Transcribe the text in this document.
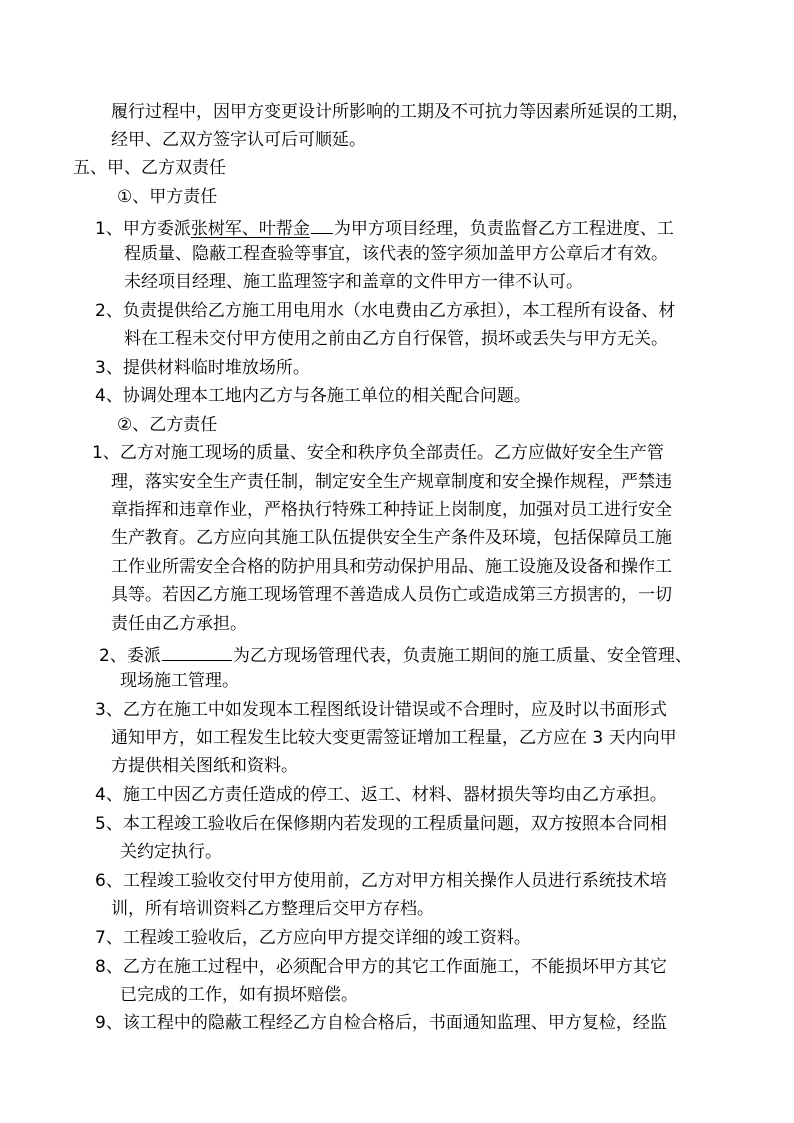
履行过程中，因甲方变更设计所影响的工期及不可抗力等因素所延误的工期，
经甲、乙双方签字认可后可顺延。
五、甲、乙方双责任
①、甲方责任
1、甲方委派张树军、叶帮金 为甲方项目经理，负责监督乙方工程进度、工
程质量、隐蔽工程查验等事宜，该代表的签字须加盖甲方公章后才有效。
未经项目经理、施工监理签字和盖章的文件甲方一律不认可。
2、负责提供给乙方施工用电用水（水电费由乙方承担），本工程所有设备、材
料在工程未交付甲方使用之前由乙方自行保管，损坏或丢失与甲方无关。
3、提供材料临时堆放场所。
4、协调处理本工地内乙方与各施工单位的相关配合问题。
②、乙方责任
1、乙方对施工现场的质量、安全和秩序负全部责任。乙方应做好安全生产管
理，落实安全生产责任制，制定安全生产规章制度和安全操作规程，严禁违
章指挥和违章作业，严格执行特殊工种持证上岗制度，加强对员工进行安全
生产教育。乙方应向其施工队伍提供安全生产条件及环境，包括保障员工施
工作业所需安全合格的防护用具和劳动保护用品、施工设施及设备和操作工
具等。若因乙方施工现场管理不善造成人员伤亡或造成第三方损害的，一切
责任由乙方承担。
2、委派	为乙方现场管理代表，负责施工期间的施工质量、安全管理、
现场施工管理。
3、乙方在施工中如发现本工程图纸设计错误或不合理时，应及时以书面形式
通知甲方，如工程发生比较大变更需签证增加工程量，乙方应在 3 天内向甲
方提供相关图纸和资料。
4、施工中因乙方责任造成的停工、返工、材料、器材损失等均由乙方承担。
5、本工程竣工验收后在保修期内若发现的工程质量问题，双方按照本合同相
关约定执行。
6、工程竣工验收交付甲方使用前，乙方对甲方相关操作人员进行系统技术培
训，所有培训资料乙方整理后交甲方存档。
7、工程竣工验收后，乙方应向甲方提交详细的竣工资料。
8、乙方在施工过程中，必须配合甲方的其它工作面施工，不能损坏甲方其它
已完成的工作，如有损坏赔偿。
9、该工程中的隐蔽工程经乙方自检合格后，书面通知监理、甲方复检，经监
